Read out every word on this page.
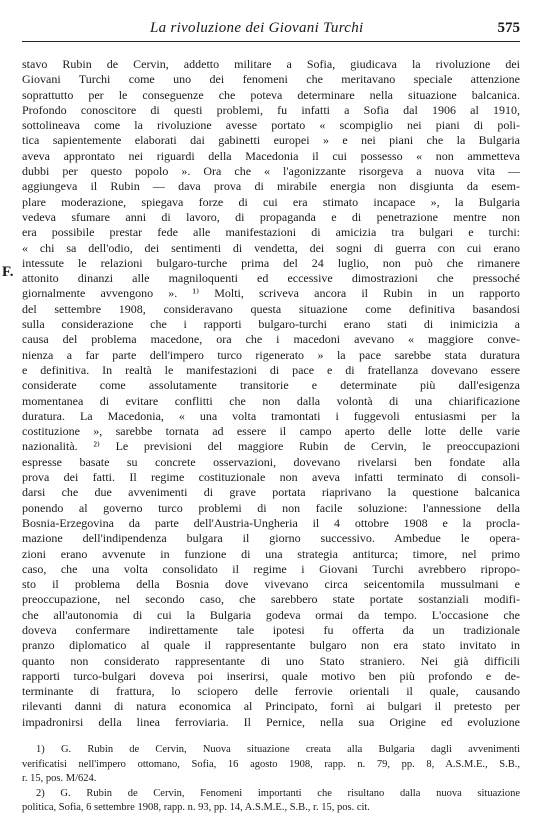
La rivoluzione dei Giovani Turchi	575
F.
stavo Rubin de Cervin, addetto militare a Sofia, giudicava la rivoluzione dei
Giovani Turchi come uno dei fenomeni che meritavano speciale attenzione
soprattutto per le conseguenze che poteva determinare nella situazione balcanica.
Profondo conoscitore di questi problemi, fu infatti a Sofia dal 1906 al 1910,
sottolineava come la rivoluzione avesse portato « scompiglio nei piani di poli-
tica sapientemente elaborati dai gabinetti europei » e nei piani che la Bulgaria
aveva approntato nei riguardi della Macedonia il cui possesso « non ammetteva
dubbi per questo popolo ». Ora che « l'agonizzante risorgeva a nuova vita —
aggiungeva il Rubin — dava prova di mirabile energia non disgiunta da esem-
plare moderazione, spiegava forze di cui era stimato incapace », la Bulgaria
vedeva sfumare anni di lavoro, di propaganda e di penetrazione mentre non
era possibile prestar fede alle manifestazioni di amicizia tra bulgari e turchi:
« chi sa dell'odio, dei sentimenti di vendetta, dei sogni di guerra con cui erano
intessute le relazioni bulgaro-turche prima del 24 luglio, non può che rimanere
attonito dinanzi alle magniloquenti ed eccessive dimostrazioni che pressoché
giornalmente avvengono ». ¹⁾ Molti, scriveva ancora il Rubin in un rapporto
del settembre 1908, consideravano questa situazione come definitiva basandosi
sulla considerazione che i rapporti bulgaro-turchi erano stati di inimicizia a
causa del problema macedone, ora che i macedoni avevano « maggiore conve-
nienza a far parte dell'impero turco rigenerato » la pace sarebbe stata duratura
e definitiva. In realtà le manifestazioni di pace e di fratellanza dovevano essere
considerate come assolutamente transitorie e determinate più dall'esigenza
momentanea di evitare conflitti che non dalla volontà di una chiarificazione
duratura. La Macedonia, « una volta tramontati i fuggevoli entusiasmi per la
costituzione », sarebbe tornata ad essere il campo aperto delle lotte delle varie
nazionalità. ²⁾ Le previsioni del maggiore Rubin de Cervin, le preoccupazioni
espresse basate su concrete osservazioni, dovevano rivelarsi ben fondate alla
prova dei fatti. Il regime costituzionale non aveva infatti terminato di consoli-
darsi che due avvenimenti di grave portata riaprivano la questione balcanica
ponendo al governo turco problemi di non facile soluzione: l'annessione della
Bosnia-Erzegovina da parte dell'Austria-Ungheria il 4 ottobre 1908 e la procla-
mazione dell'indipendenza bulgara il giorno successivo. Ambedue le opera-
zioni erano avvenute in funzione di una strategia antiturca; timore, nel primo
caso, che una volta consolidato il regime i Giovani Turchi avrebbero ripropo-
sto il problema della Bosnia dove vivevano circa seicentomila mussulmani e
preoccupazione, nel secondo caso, che sarebbero state portate sostanziali modifi-
che all'autonomia di cui la Bulgaria godeva ormai da tempo. L'occasione che
doveva confermare indirettamente tale ipotesi fu offerta da un tradizionale
pranzo diplomatico al quale il rappresentante bulgaro non era stato invitato in
quanto non considerato rappresentante di uno Stato straniero. Nei già difficili
rapporti turco-bulgari doveva poi inserirsi, quale motivo ben più profondo e de-
terminante di frattura, lo sciopero delle ferrovie orientali il quale, causando
rilevanti danni di natura economica al Principato, fornì ai bulgari il pretesto per
impadronirsi della linea ferroviaria. Il Pernice, nella sua Origine ed evoluzione
1) G. Rubin de Cervin, Nuova situazione creata alla Bulgaria dagli avvenimenti
verificatisi nell'impero ottomano, Sofia, 16 agosto 1908, rapp. n. 79, pp. 8, A.S.M.E., S.B.,
r. 15, pos. M/624.
2) G. Rubin de Cervin, Fenomeni importanti che risultano dalla nuova situazione
politica, Sofia, 6 settembre 1908, rapp. n. 93, pp. 14, A.S.M.E., S.B., r. 15, pos. cit.
